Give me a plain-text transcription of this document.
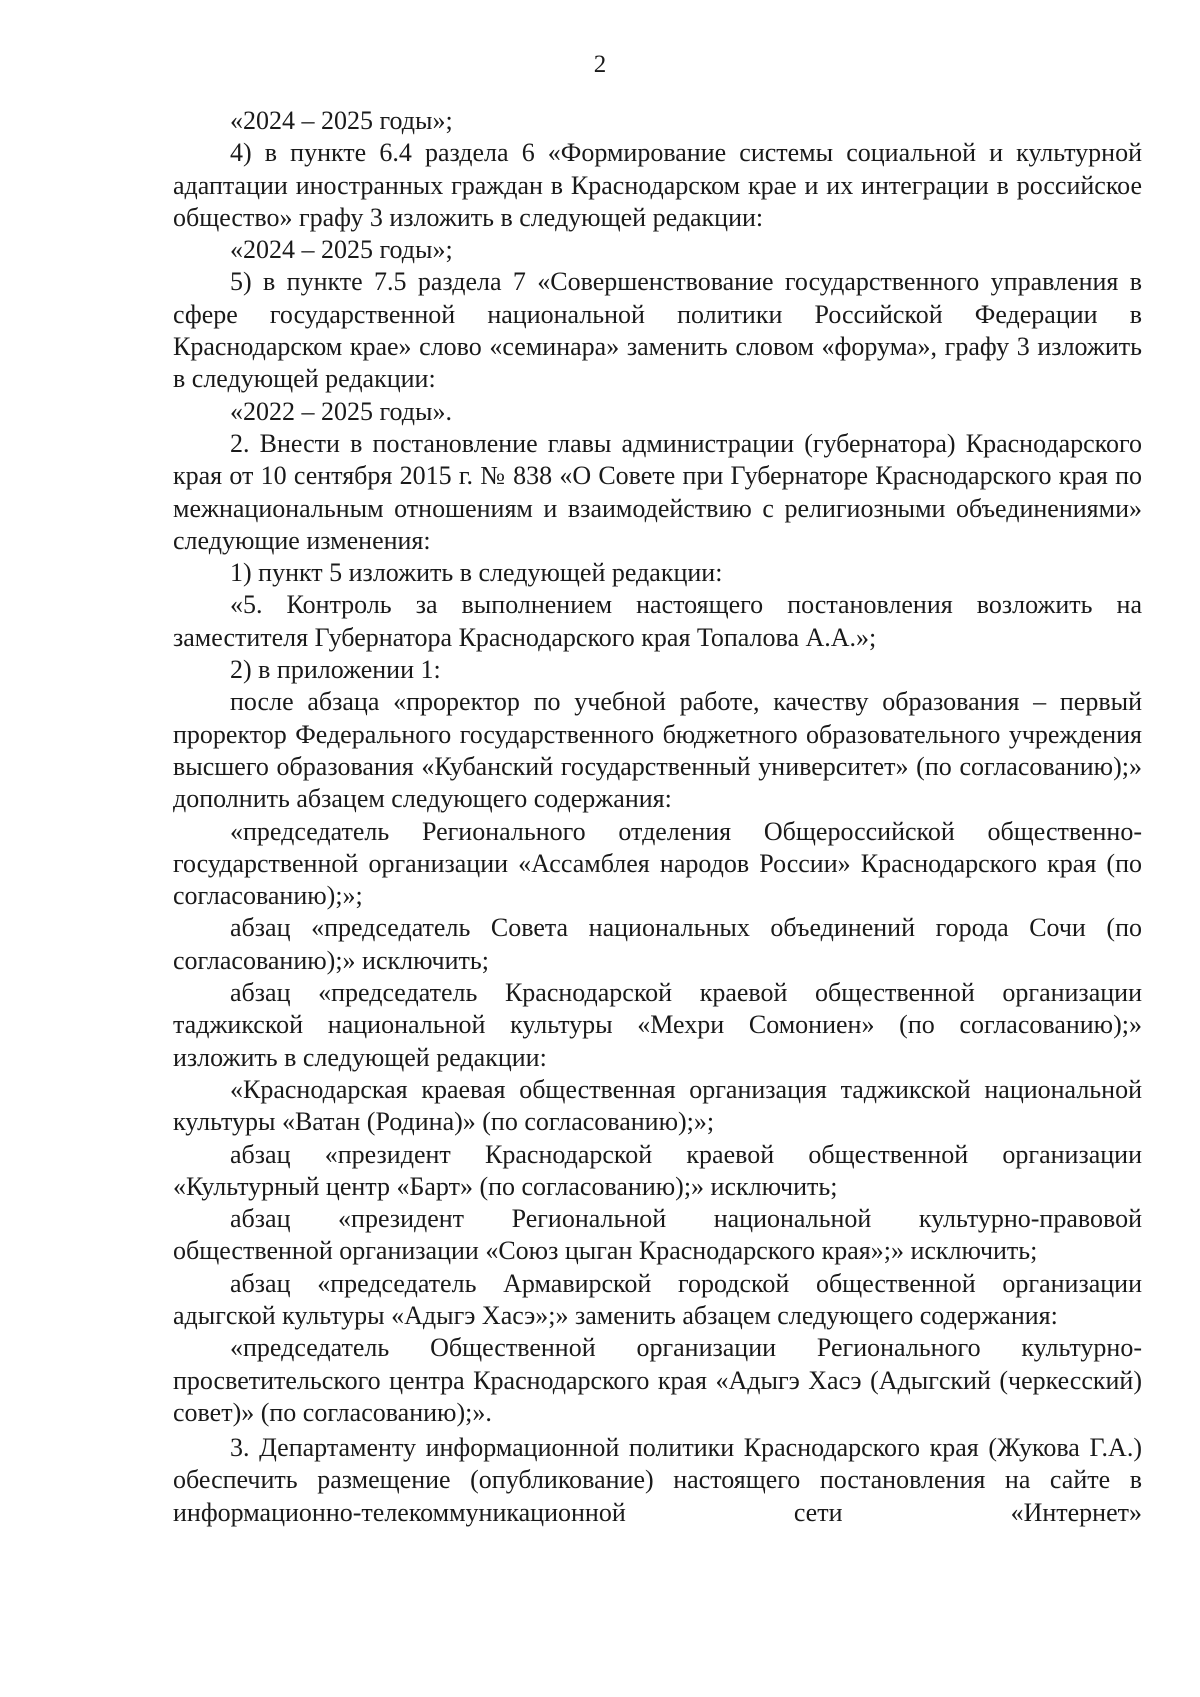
2

«2024 – 2025 годы»;

4) в пункте 6.4 раздела 6 «Формирование системы социальной и культурной адаптации иностранных граждан в Краснодарском крае и их интеграции в российское общество» графу 3 изложить в следующей редакции:

«2024 – 2025 годы»;

5) в пункте 7.5 раздела 7 «Совершенствование государственного управления в сфере государственной национальной политики Российской Федерации в Краснодарском крае» слово «семинара» заменить словом «форума», графу 3 изложить в следующей редакции:

«2022 – 2025 годы».

2. Внести в постановление главы администрации (губернатора) Краснодарского края от 10 сентября 2015 г. № 838 «О Совете при Губернаторе Краснодарского края по межнациональным отношениям и взаимодействию с религиозными объединениями» следующие изменения:

1) пункт 5 изложить в следующей редакции:

«5. Контроль за выполнением настоящего постановления возложить на заместителя Губернатора Краснодарского края Топалова А.А.»;

2) в приложении 1:

после абзаца «проректор по учебной работе, качеству образования – первый проректор Федерального государственного бюджетного образовательного учреждения высшего образования «Кубанский государственный университет» (по согласованию);» дополнить абзацем следующего содержания:

«председатель Регионального отделения Общероссийской общественно-государственной организации «Ассамблея народов России» Краснодарского края (по согласованию);»;

абзац «председатель Совета национальных объединений города Сочи (по согласованию);» исключить;

абзац «председатель Краснодарской краевой общественной организации таджикской национальной культуры «Мехри Сомониен» (по согласованию);» изложить в следующей редакции:

«Краснодарская краевая общественная организация таджикской национальной культуры «Ватан (Родина)» (по согласованию);»;

абзац «президент Краснодарской краевой общественной организации «Культурный центр «Барт» (по согласованию);» исключить;

абзац «президент Региональной национальной культурно-правовой общественной организации «Союз цыган Краснодарского края»;» исключить;

абзац «председатель Армавирской городской общественной организации адыгской культуры «Адыгэ Хасэ»;» заменить абзацем следующего содержания:

«председатель Общественной организации Регионального культурно-просветительского центра Краснодарского края «Адыгэ Хасэ (Адыгский (черкесский) совет)» (по согласованию);».

3. Департаменту информационной политики Краснодарского края (Жукова Г.А.) обеспечить размещение (опубликование) настоящего постановления на сайте в информационно-телекоммуникационной сети «Интернет»
